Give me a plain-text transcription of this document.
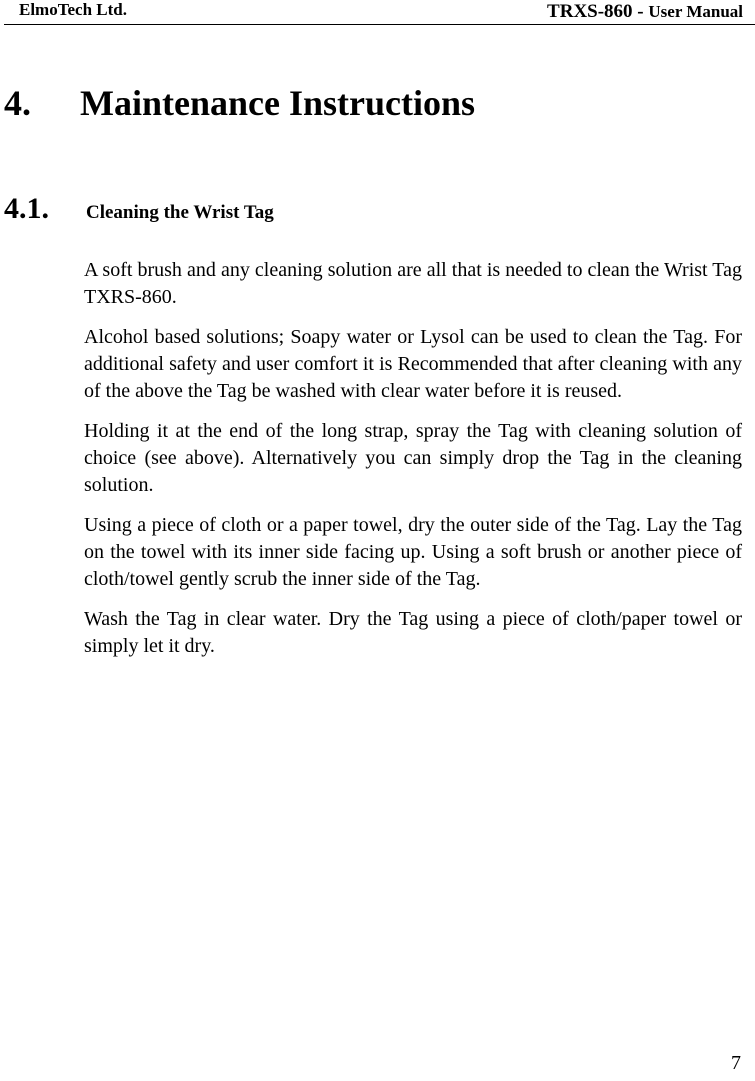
ElmoTech Ltd.	TRXS-860 - User Manual
4. Maintenance Instructions
4.1. Cleaning the Wrist Tag

A soft brush and any cleaning solution are all that is needed to clean the Wrist Tag TXRS-860.

Alcohol based solutions; Soapy water or Lysol can be used to clean the Tag. For additional safety and user comfort it is Recommended that after cleaning with any of the above the Tag be washed with clear water before it is reused.

Holding it at the end of the long strap, spray the Tag with cleaning solution of choice (see above). Alternatively you can simply drop the Tag in the cleaning solution.

Using a piece of cloth or a paper towel, dry the outer side of the Tag. Lay the Tag on the towel with its inner side facing up. Using a soft brush or another piece of cloth/towel gently scrub the inner side of the Tag.

Wash the Tag in clear water. Dry the Tag using a piece of cloth/paper towel or simply let it dry.

7
